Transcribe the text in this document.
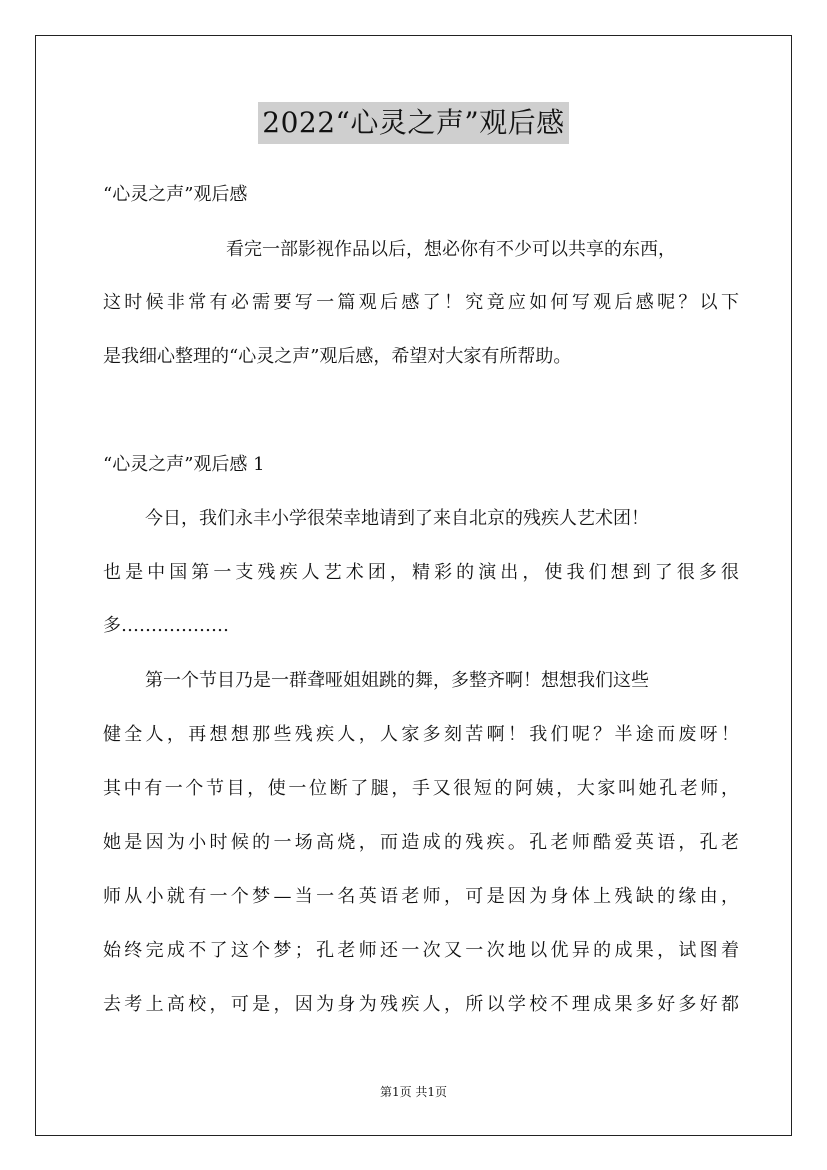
2022“心灵之声”观后感
“心灵之声”观后感
看完一部影视作品以后，想必你有不少可以共享的东西，
这时候非常有必需要写一篇观后感了！究竟应如何写观后感呢？以下
是我细心整理的“心灵之声”观后感，希望对大家有所帮助。
“心灵之声”观后感 1
今日，我们永丰小学很荣幸地请到了来自北京的残疾人艺术团！
也是中国第一支残疾人艺术团，精彩的演出，使我们想到了很多很
多………………
第一个节目乃是一群聋哑姐姐跳的舞，多整齐啊！想想我们这些
健全人，再想想那些残疾人，人家多刻苦啊！我们呢？半途而废呀！
其中有一个节目，使一位断了腿，手又很短的阿姨，大家叫她孔老师，
她是因为小时候的一场高烧，而造成的残疾。孔老师酷爱英语，孔老
师从小就有一个梦—当一名英语老师，可是因为身体上残缺的缘由，
始终完成不了这个梦；孔老师还一次又一次地以优异的成果，试图着
去考上高校，可是，因为身为残疾人，所以学校不理成果多好多好都
第1页 共1页
